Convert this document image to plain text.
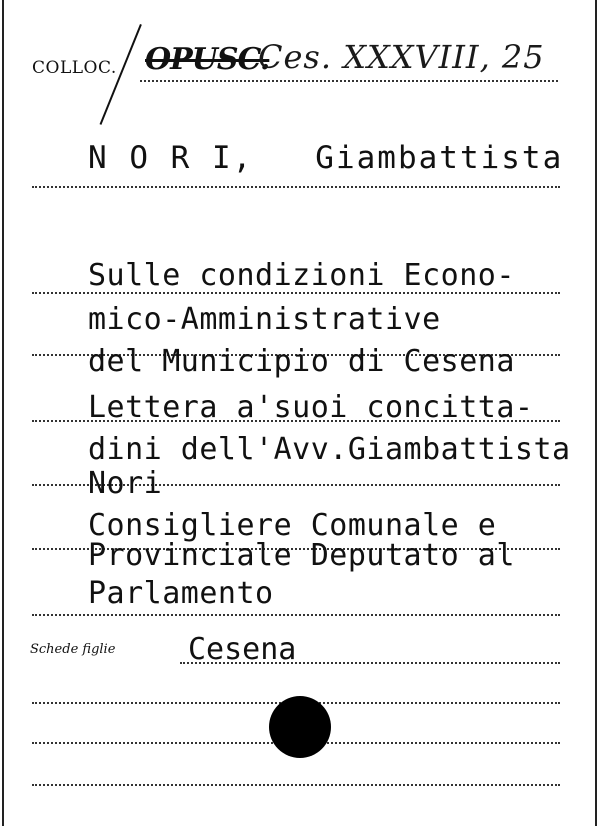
COLLOC. OPUSC.
Ces. XXXVIII, 25
N O R I,   Giambattista
Sulle condizioni Econo-
mico-Amministrative
del Municipio di Cesena
Lettera a'suoi concitta-
dini dell'Avv.Giambattista
Nori
Consigliere Comunale e
Provinciale Deputato al
Parlamento
Schede figlie Cesena
